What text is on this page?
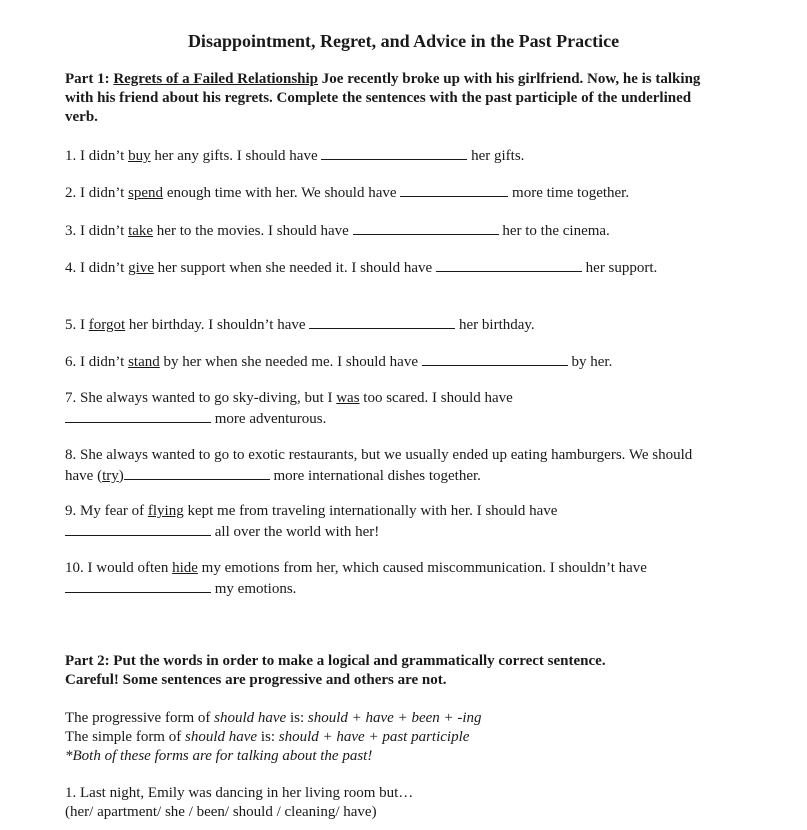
Disappointment, Regret, and Advice in the Past Practice
Part 1: Regrets of a Failed Relationship Joe recently broke up with his girlfriend. Now, he is talking with his friend about his regrets. Complete the sentences with the past participle of the underlined verb.
1. I didn’t buy her any gifts. I should have	her gifts.
2. I didn’t spend enough time with her. We should have	more time together.
3. I didn’t take her to the movies. I should have	her to the cinema.
4. I didn’t give her support when she needed it. I should have	her support.
5. I forgot her birthday. I shouldn’t have	her birthday.
6. I didn’t stand by her when she needed me. I should have	by her.
7. She always wanted to go sky-diving, but I was too scared. I should have more adventurous.
8. She always wanted to go to exotic restaurants, but we usually ended up eating hamburgers. We should have (try)	more international dishes together.
9. My fear of flying kept me from traveling internationally with her. I should have  all over the world with her!
10. I would often hide my emotions from her, which caused miscommunication. I shouldn’t have my emotions.
Part 2: Put the words in order to make a logical and grammatically correct sentence.
Careful! Some sentences are progressive and others are not.
The progressive form of should have is: should + have + been + -ing
The simple form of should have is: should + have + past participle
*Both of these forms are for talking about the past!
1. Last night, Emily was dancing in her living room but…
(her/ apartment/ she / been/ should / cleaning/ have)
